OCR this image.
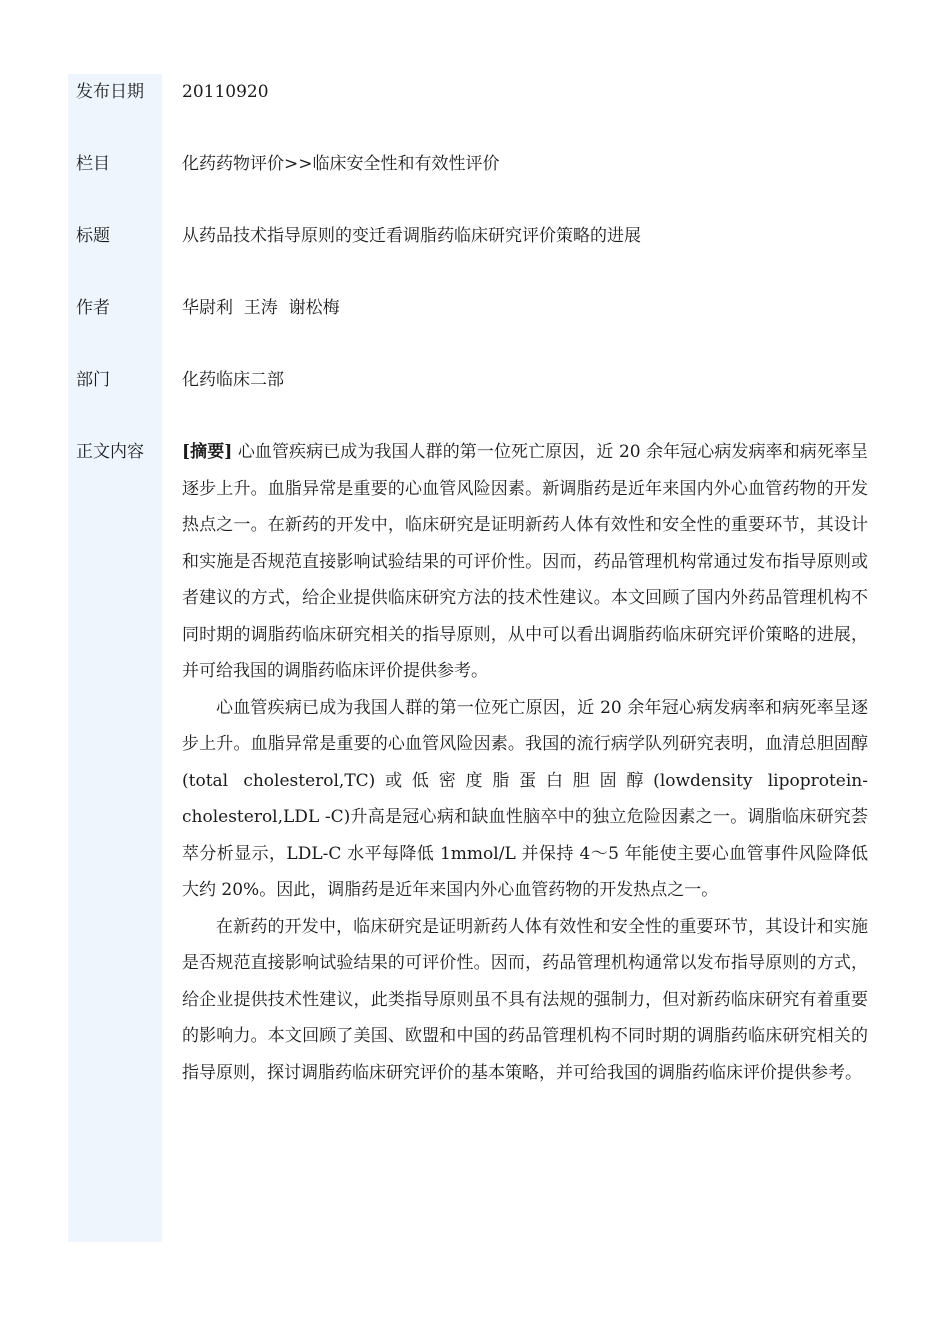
发布日期	20110920
栏目	化药药物评价>>临床安全性和有效性评价
标题	从药品技术指导原则的变迁看调脂药临床研究评价策略的进展
作者	华尉利  王涛  谢松梅
部门	化药临床二部
正文内容	[摘要] 心血管疾病已成为我国人群的第一位死亡原因，近 20 余年冠心病发病率和病死率呈逐步上升。血脂异常是重要的心血管风险因素。新调脂药是近年来国内外心血管药物的开发热点之一。在新药的开发中，临床研究是证明新药人体有效性和安全性的重要环节，其设计和实施是否规范直接影响试验结果的可评价性。因而，药品管理机构常通过发布指导原则或者建议的方式，给企业提供临床研究方法的技术性建议。本文回顾了国内外药品管理机构不同时期的调脂药临床研究相关的指导原则，从中可以看出调脂药临床研究评价策略的进展，并可给我国的调脂药临床评价提供参考。

心血管疾病已成为我国人群的第一位死亡原因，近 20 余年冠心病发病率和病死率呈逐步上升。血脂异常是重要的心血管风险因素。我国的流行病学队列研究表明，血清总胆固醇(total cholesterol,TC)或低密度脂蛋白胆固醇(lowdensity lipoprotein-cholesterol,LDL -C)升高是冠心病和缺血性脑卒中的独立危险因素之一。调脂临床研究荟萃分析显示，LDL-C 水平每降低 1mmol/L 并保持 4～5 年能使主要心血管事件风险降低大约 20%。因此，调脂药是近年来国内外心血管药物的开发热点之一。

在新药的开发中，临床研究是证明新药人体有效性和安全性的重要环节，其设计和实施是否规范直接影响试验结果的可评价性。因而，药品管理机构通常以发布指导原则的方式，给企业提供技术性建议，此类指导原则虽不具有法规的强制力，但对新药临床研究有着重要的影响力。本文回顾了美国、欧盟和中国的药品管理机构不同时期的调脂药临床研究相关的指导原则，探讨调脂药临床研究评价的基本策略，并可给我国的调脂药临床评价提供参考。
